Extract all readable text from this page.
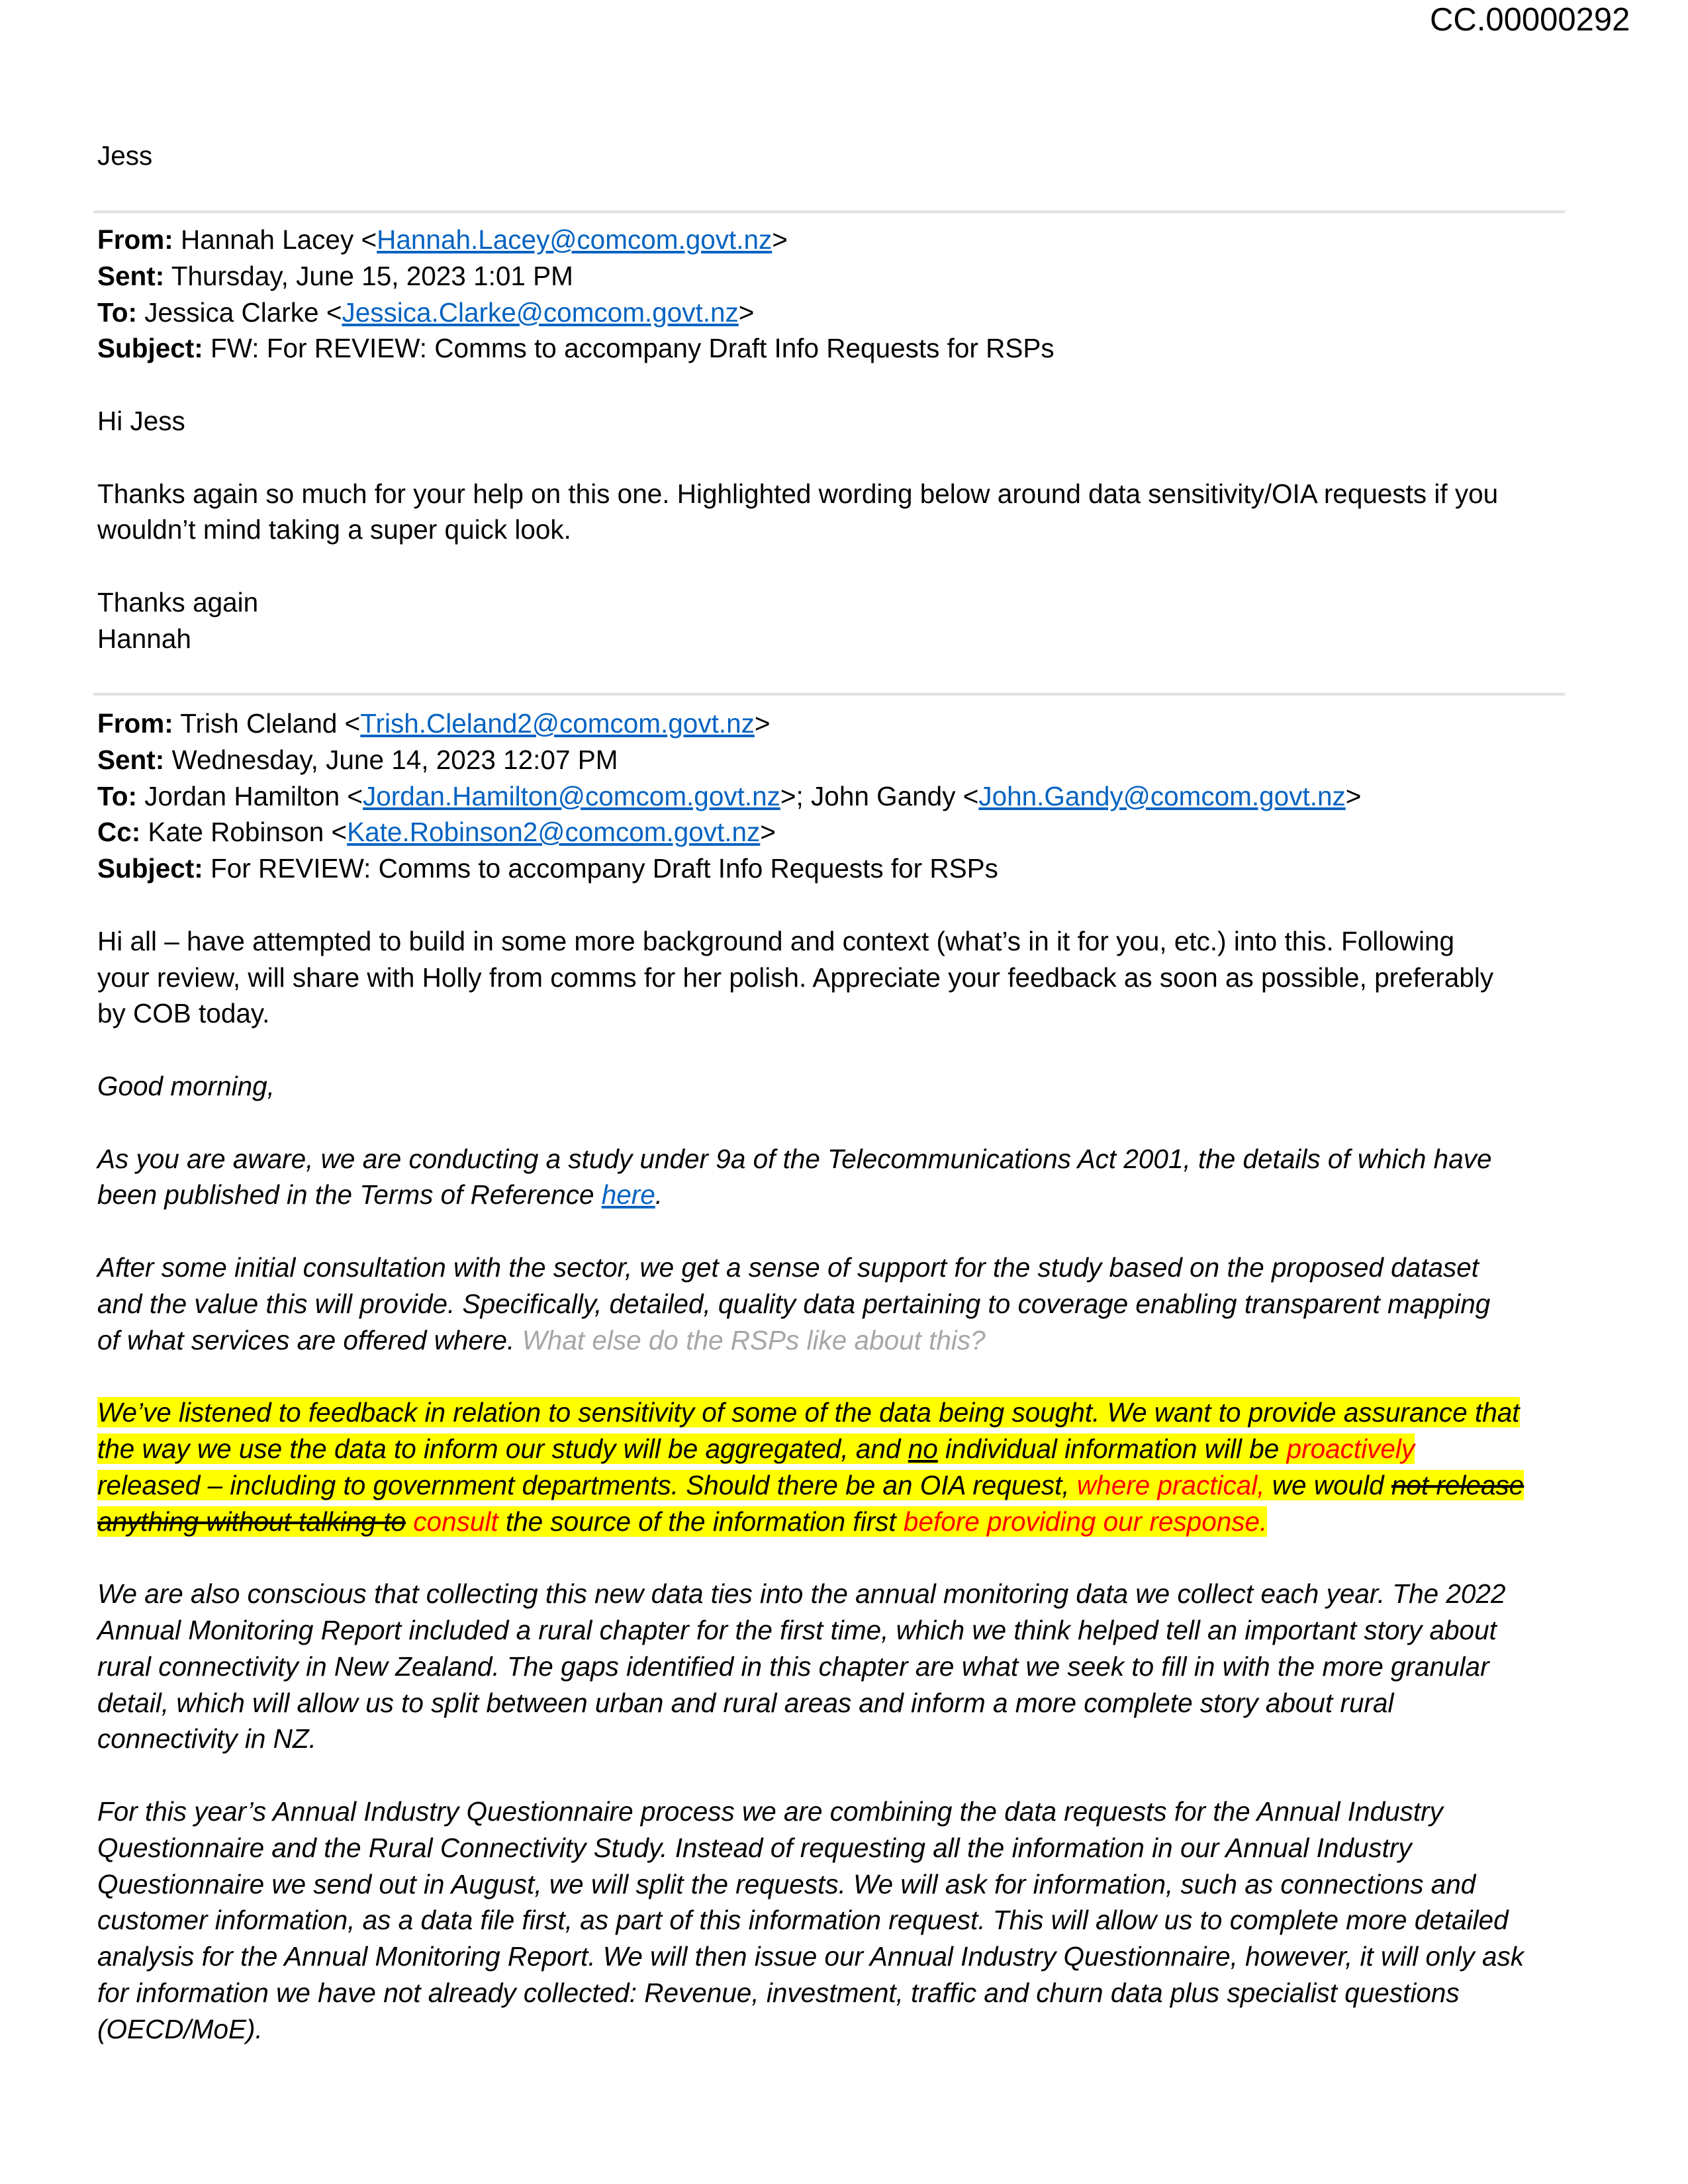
CC.00000292
Jess
From: Hannah Lacey <Hannah.Lacey@comcom.govt.nz>
Sent: Thursday, June 15, 2023 1:01 PM
To: Jessica Clarke <Jessica.Clarke@comcom.govt.nz>
Subject: FW: For REVIEW: Comms to accompany Draft Info Requests for RSPs
Hi Jess
Thanks again so much for your help on this one. Highlighted wording below around data sensitivity/OIA requests if you
wouldn’t mind taking a super quick look.
Thanks again
Hannah
From: Trish Cleland <Trish.Cleland2@comcom.govt.nz>
Sent: Wednesday, June 14, 2023 12:07 PM
To: Jordan Hamilton <Jordan.Hamilton@comcom.govt.nz>; John Gandy <John.Gandy@comcom.govt.nz>
Cc: Kate Robinson <Kate.Robinson2@comcom.govt.nz>
Subject: For REVIEW: Comms to accompany Draft Info Requests for RSPs
Hi all – have attempted to build in some more background and context (what’s in it for you, etc.) into this. Following
your review, will share with Holly from comms for her polish. Appreciate your feedback as soon as possible, preferably
by COB today.
Good morning,
As you are aware, we are conducting a study under 9a of the Telecommunications Act 2001, the details of which have
been published in the Terms of Reference here.
After some initial consultation with the sector, we get a sense of support for the study based on the proposed dataset
and the value this will provide. Specifically, detailed, quality data pertaining to coverage enabling transparent mapping
of what services are offered where. What else do the RSPs like about this?
We’ve listened to feedback in relation to sensitivity of some of the data being sought. We want to provide assurance that
the way we use the data to inform our study will be aggregated, and no individual information will be proactively
released – including to government departments. Should there be an OIA request, where practical, we would not release
anything without talking to consult the source of the information first before providing our response.
We are also conscious that collecting this new data ties into the annual monitoring data we collect each year. The 2022
Annual Monitoring Report included a rural chapter for the first time, which we think helped tell an important story about
rural connectivity in New Zealand. The gaps identified in this chapter are what we seek to fill in with the more granular
detail, which will allow us to split between urban and rural areas and inform a more complete story about rural
connectivity in NZ.
For this year’s Annual Industry Questionnaire process we are combining the data requests for the Annual Industry
Questionnaire and the Rural Connectivity Study. Instead of requesting all the information in our Annual Industry
Questionnaire we send out in August, we will split the requests. We will ask for information, such as connections and
customer information, as a data file first, as part of this information request. This will allow us to complete more detailed
analysis for the Annual Monitoring Report. We will then issue our Annual Industry Questionnaire, however, it will only ask
for information we have not already collected: Revenue, investment, traffic and churn data plus specialist questions
(OECD/MoE).
